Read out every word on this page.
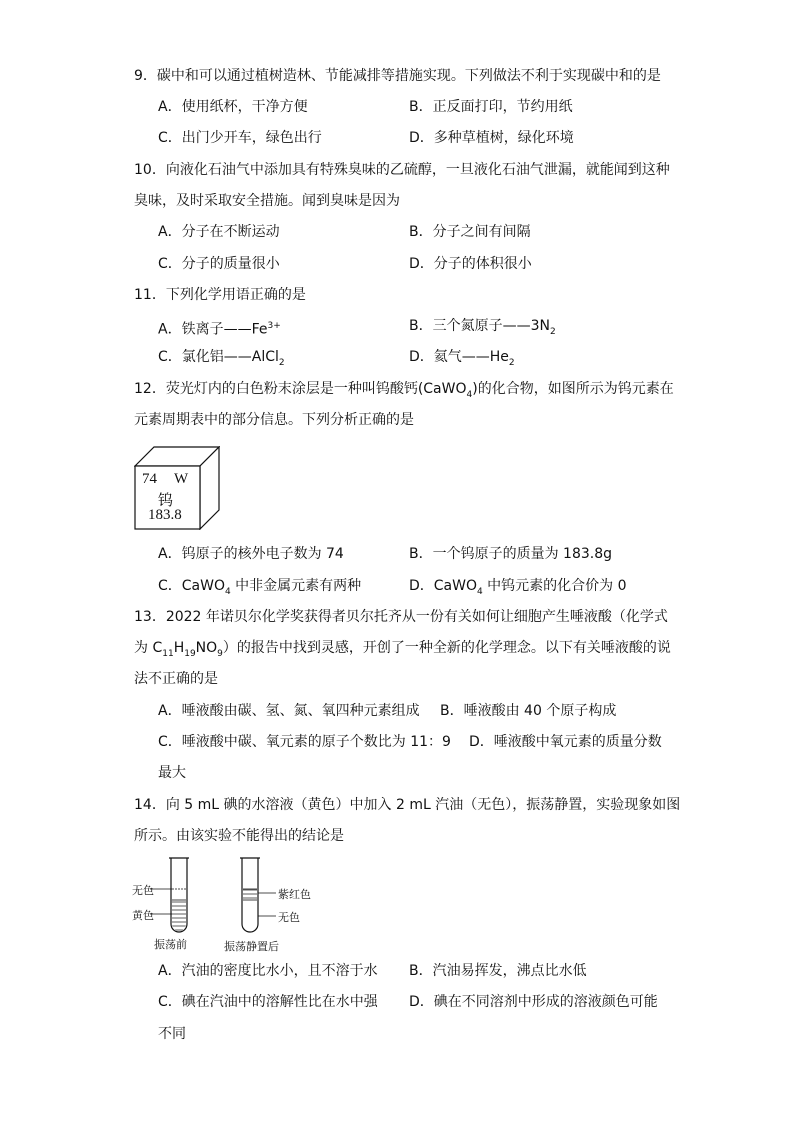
9．碳中和可以通过植树造林、节能减排等措施实现。下列做法不利于实现碳中和的是
A．使用纸杯，干净方便	B．正反面打印，节约用纸
C．出门少开车，绿色出行	D．多种草植树，绿化环境
10．向液化石油气中添加具有特殊臭味的乙硫醇，一旦液化石油气泄漏，就能闻到这种
臭味，及时采取安全措施。闻到臭味是因为
A．分子在不断运动	B．分子之间有间隔
C．分子的质量很小	D．分子的体积很小
11．下列化学用语正确的是
A．铁离子$——Fe^{3+}$	B．三个氮原子$——3N_2$
C．氯化铝——AlCl$_2$	D．氦气$——He_2$
12．荧光灯内的白色粉末涂层是一种叫钨酸钙(CaWO$_4$)的化合物，如图所示为钨元素在
元素周期表中的部分信息。下列分析正确的是
74 W
钨
183.8
A．钨原子的核外电子数为 74	B．一个钨原子的质量为 183.8g
C．CaWO$_4$ 中非金属元素有两种	D．CaWO$_4$ 中钨元素的化合价为 0
13．2022 年诺贝尔化学奖获得者贝尔托齐从一份有关如何让细胞产生唾液酸（化学式
为 $C_{11}H_{19}NO_9$）的报告中找到灵感，开创了一种全新的化学理念。以下有关唾液酸的说
法不正确的是
A．唾液酸由碳、氢、氮、氧四种元素组成 B．唾液酸由 40 个原子构成
C．唾液酸中碳、氧元素的原子个数比为 11：9 D．唾液酸中氧元素的质量分数
最大
14．向 5 mL 碘的水溶液（黄色）中加入 2 mL 汽油（无色），振荡静置，实验现象如图
所示。由该实验不能得出的结论是
无色
黄色
振荡前
紫红色
无色
振荡静置后
A．汽油的密度比水小，且不溶于水 B．汽油易挥发，沸点比水低
C．碘在汽油中的溶解性比在水中强 D．碘在不同溶剂中形成的溶液颜色可能
不同
